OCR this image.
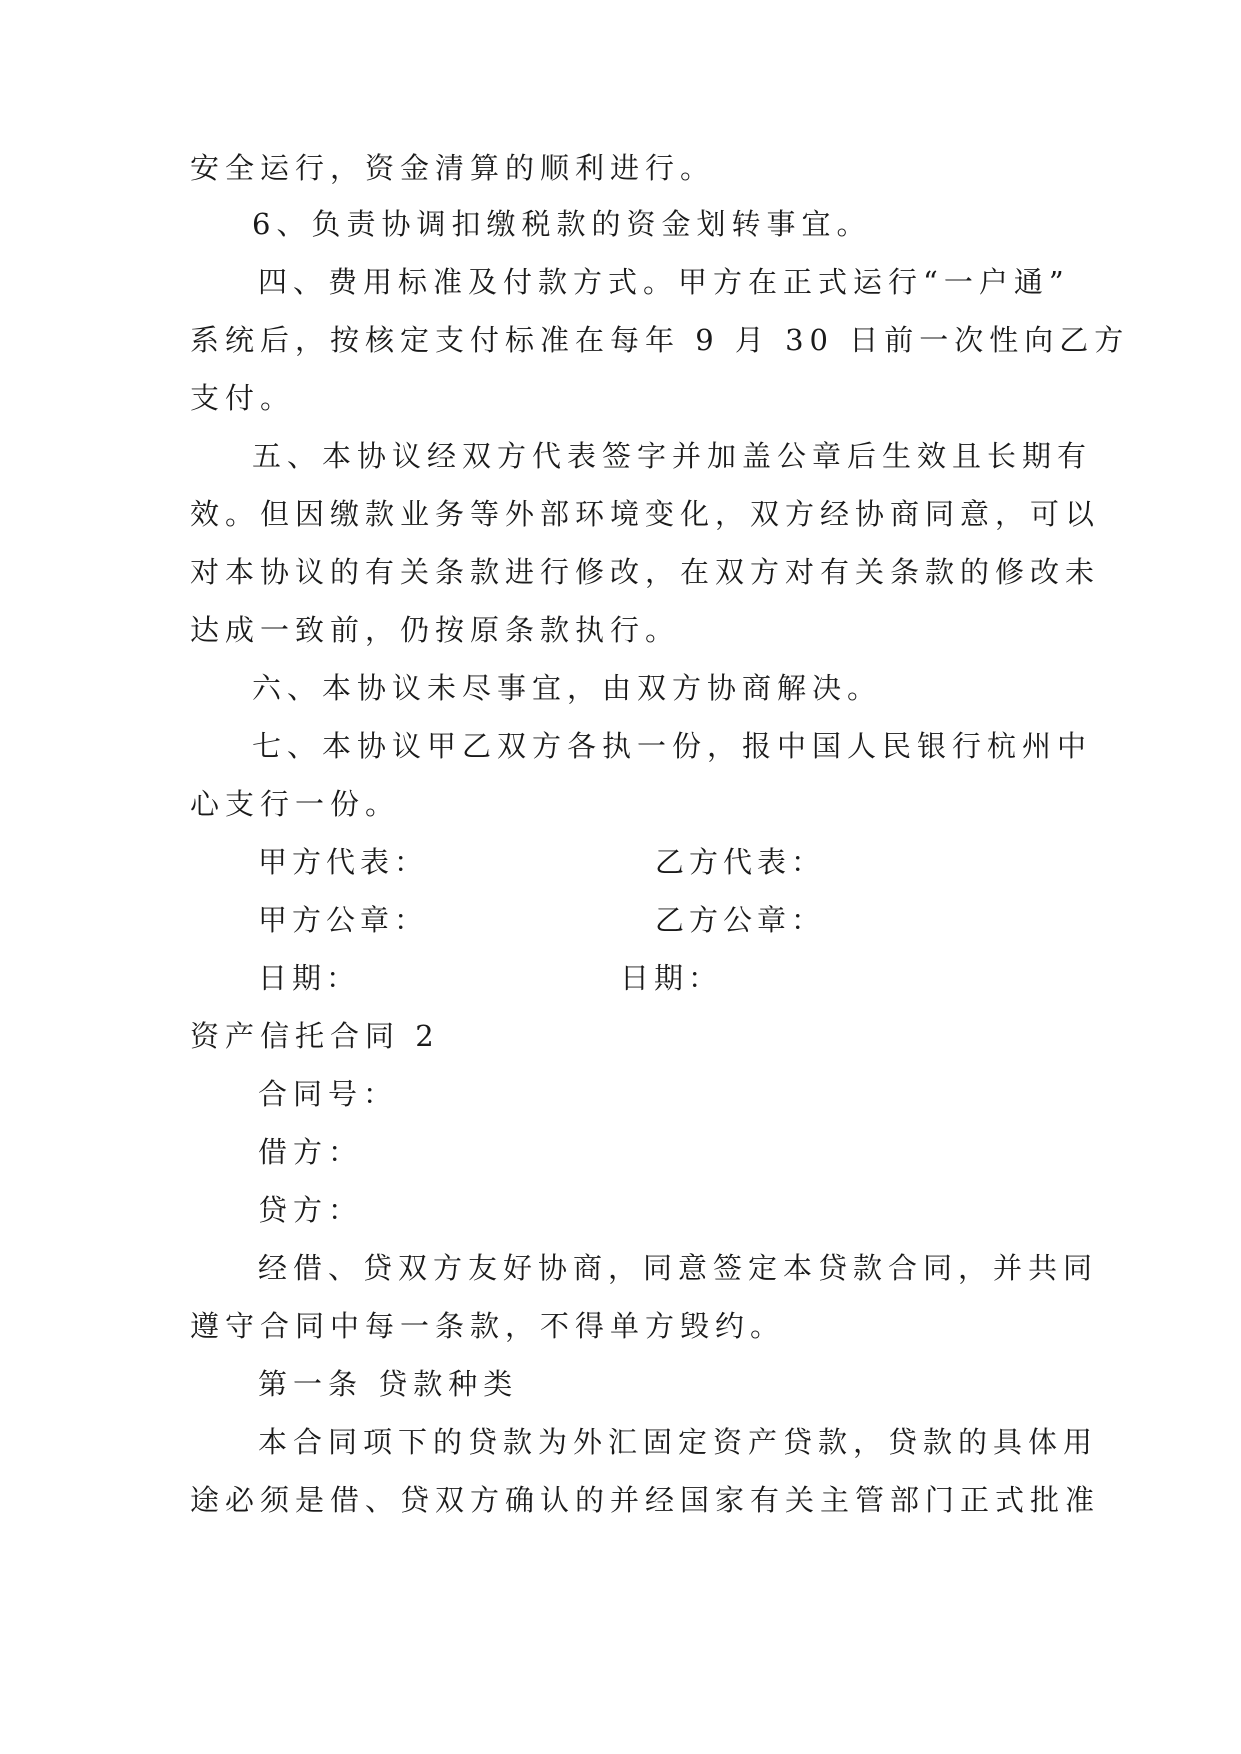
安全运行，资金清算的顺利进行。
6、负责协调扣缴税款的资金划转事宜。
四、费用标准及付款方式。甲方在正式运行“一户通”
系统后，按核定支付标准在每年 9 月 30 日前一次性向乙方
支付。
五、本协议经双方代表签字并加盖公章后生效且长期有
效。但因缴款业务等外部环境变化，双方经协商同意，可以
对本协议的有关条款进行修改，在双方对有关条款的修改未
达成一致前，仍按原条款执行。
六、本协议未尽事宜，由双方协商解决。
七、本协议甲乙双方各执一份，报中国人民银行杭州中
心支行一份。
甲方代表：	乙方代表：
甲方公章：	乙方公章：
日期：	日期：
资产信托合同 2
合同号：
借方：
贷方：
经借、贷双方友好协商，同意签定本贷款合同，并共同
遵守合同中每一条款，不得单方毁约。
第一条 贷款种类
本合同项下的贷款为外汇固定资产贷款，贷款的具体用
途必须是借、贷双方确认的并经国家有关主管部门正式批准
